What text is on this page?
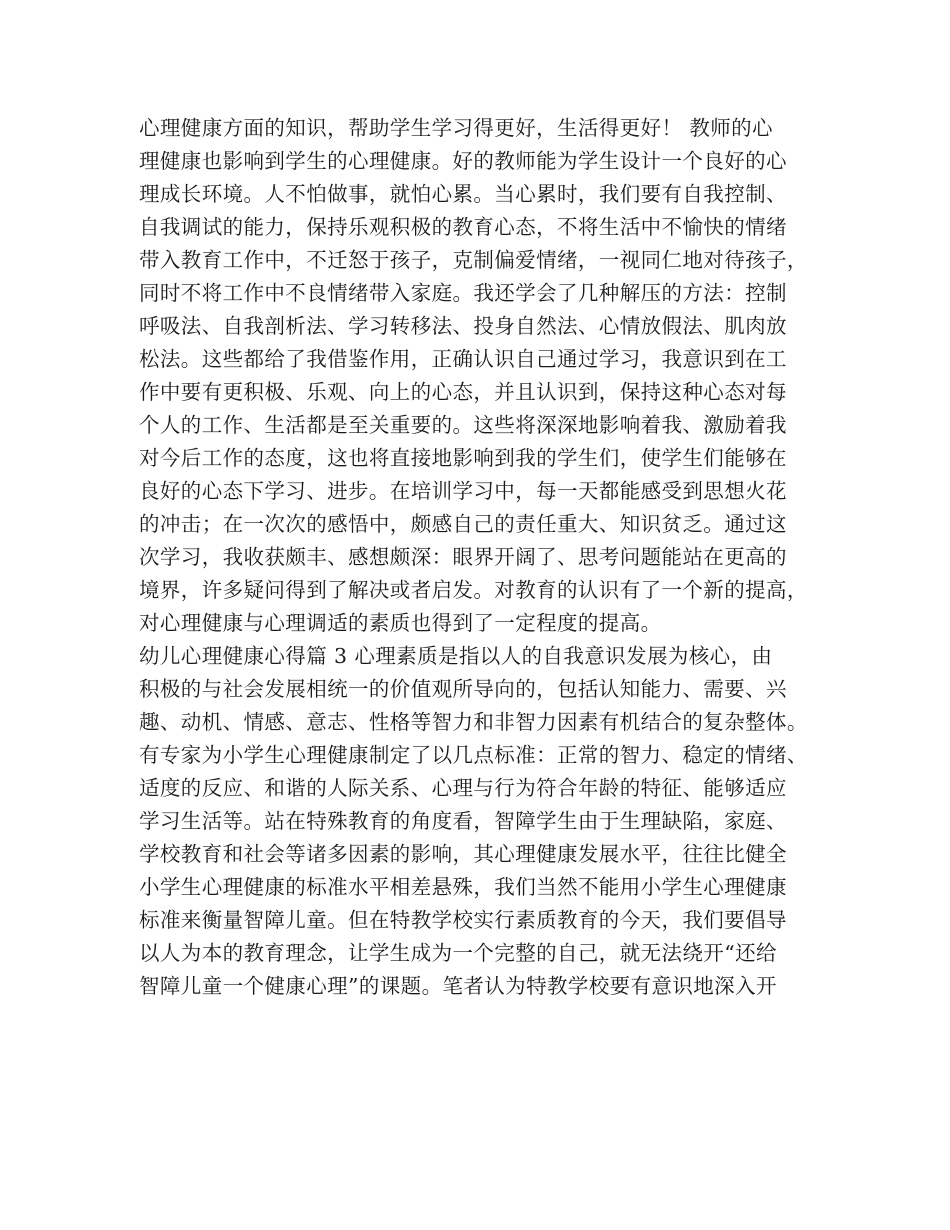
心理健康方面的知识，帮助学生学习得更好，生活得更好！ 教师的心
理健康也影响到学生的心理健康。好的教师能为学生设计一个良好的心
理成长环境。人不怕做事，就怕心累。当心累时，我们要有自我控制、
自我调试的能力，保持乐观积极的教育心态，不将生活中不愉快的情绪
带入教育工作中，不迁怒于孩子，克制偏爱情绪，一视同仁地对待孩子，
同时不将工作中不良情绪带入家庭。我还学会了几种解压的方法：控制
呼吸法、自我剖析法、学习转移法、投身自然法、心情放假法、肌肉放
松法。这些都给了我借鉴作用，正确认识自己通过学习，我意识到在工
作中要有更积极、乐观、向上的心态，并且认识到，保持这种心态对每
个人的工作、生活都是至关重要的。这些将深深地影响着我、激励着我
对今后工作的态度，这也将直接地影响到我的学生们，使学生们能够在
良好的心态下学习、进步。在培训学习中，每一天都能感受到思想火花
的冲击；在一次次的感悟中，颇感自己的责任重大、知识贫乏。通过这
次学习，我收获颇丰、感想颇深：眼界开阔了、思考问题能站在更高的
境界，许多疑问得到了解决或者启发。对教育的认识有了一个新的提高，
对心理健康与心理调适的素质也得到了一定程度的提高。
幼儿心理健康心得篇 3 心理素质是指以人的自我意识发展为核心，由
积极的与社会发展相统一的价值观所导向的，包括认知能力、需要、兴
趣、动机、情感、意志、性格等智力和非智力因素有机结合的复杂整体。
有专家为小学生心理健康制定了以几点标准：正常的智力、稳定的情绪、
适度的反应、和谐的人际关系、心理与行为符合年龄的特征、能够适应
学习生活等。站在特殊教育的角度看，智障学生由于生理缺陷，家庭、
学校教育和社会等诸多因素的影响，其心理健康发展水平，往往比健全
小学生心理健康的标准水平相差悬殊，我们当然不能用小学生心理健康
标准来衡量智障儿童。但在特教学校实行素质教育的今天，我们要倡导
以人为本的教育理念，让学生成为一个完整的自己，就无法绕开“还给
智障儿童一个健康心理”的课题。笔者认为特教学校要有意识地深入开
